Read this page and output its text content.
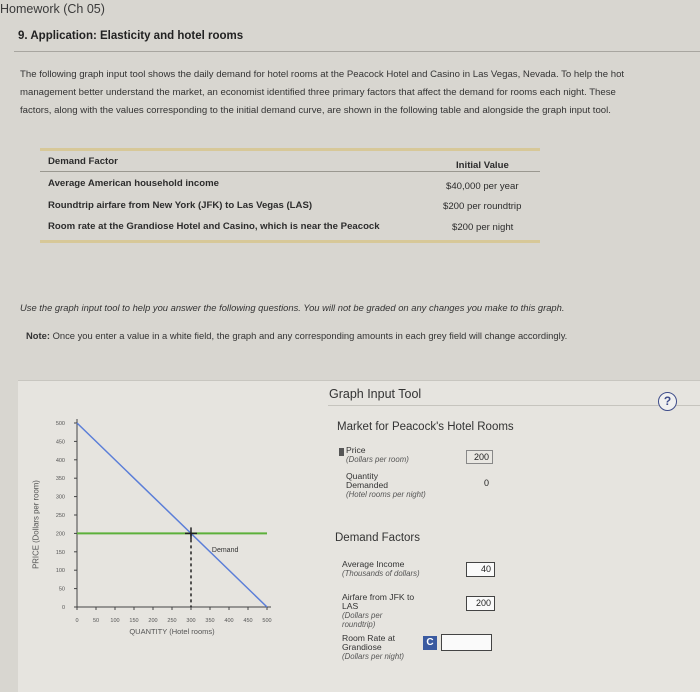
Homework (Ch 05)
9. Application: Elasticity and hotel rooms
The following graph input tool shows the daily demand for hotel rooms at the Peacock Hotel and Casino in Las Vegas, Nevada. To help the hot
management better understand the market, an economist identified three primary factors that affect the demand for rooms each night. These
factors, along with the values corresponding to the initial demand curve, are shown in the following table and alongside the graph input tool.
Demand Factor	Initial Value
Average American household income	$40,000 per year
Roundtrip airfare from New York (JFK) to Las Vegas (LAS)	$200 per roundtrip
Room rate at the Grandiose Hotel and Casino, which is near the Peacock	$200 per night
Use the graph input tool to help you answer the following questions. You will not be graded on any changes you make to this graph.
Note: Once you enter a value in a white field, the graph and any corresponding amounts in each grey field will change accordingly.
Graph Input Tool	?
0
50
100
150
200
250
300
350
400
450
500
0	50 100 150 200 250 300 350 400 450 500
QUANTITY (Hotel rooms)
Demand
PRICE (Dollars per room)
Market for Peacock's Hotel Rooms
Price
(Dollars per room)	200
Quantity
Demanded
(Hotel rooms per night)
0
Demand Factors
Average Income
(Thousands of dollars)	40
Airfare from JFK to LAS
(Dollars per roundtrip)
200
Room Rate at Grandiose
(Dollars per night)
C
